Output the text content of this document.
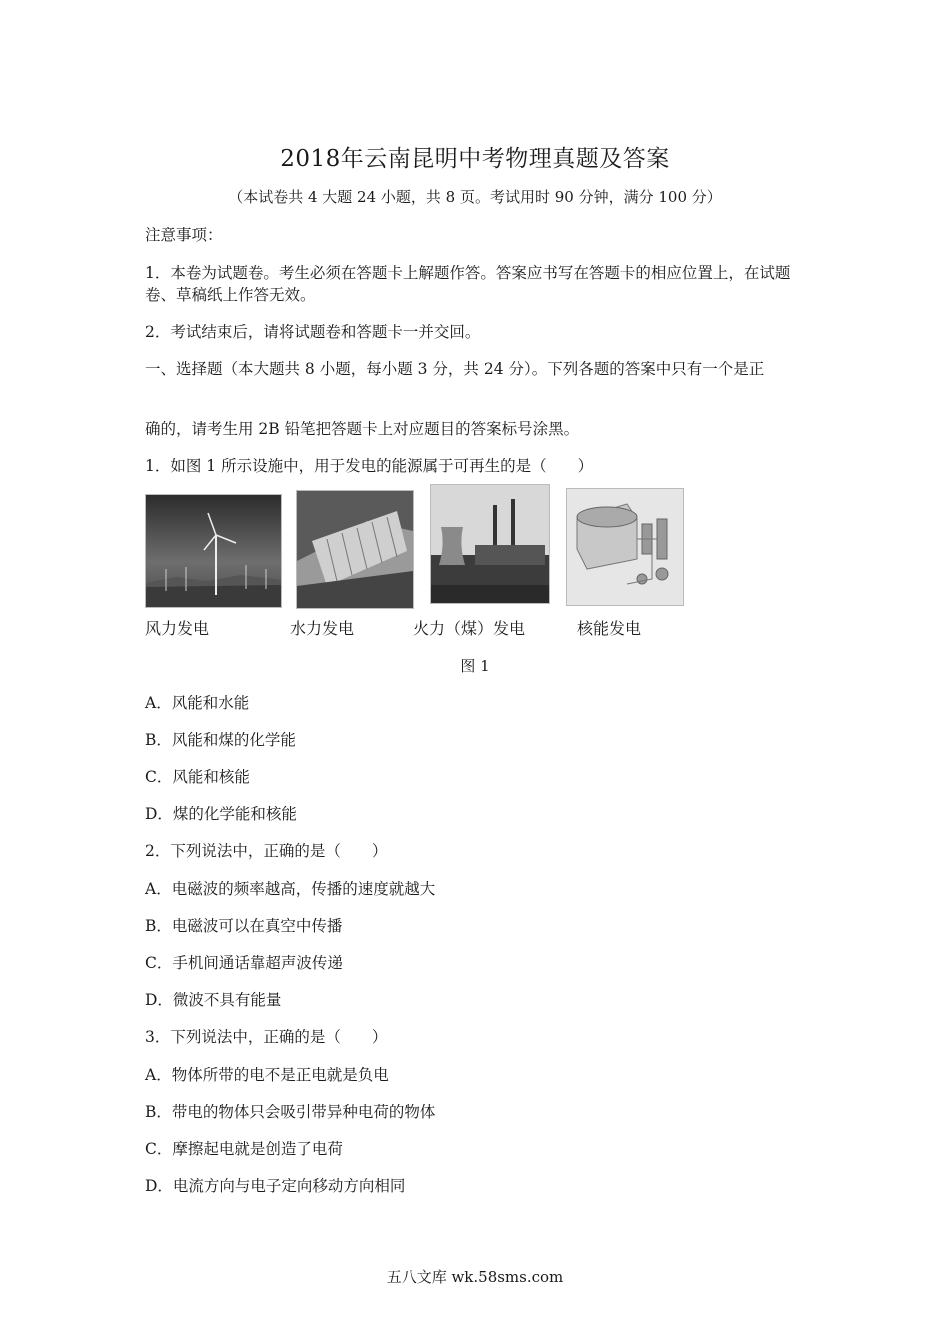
2018年云南昆明中考物理真题及答案
（本试卷共 4 大题 24 小题，共 8 页。考试用时 90 分钟，满分 100 分）
注意事项：
1．本卷为试题卷。考生必须在答题卡上解题作答。答案应书写在答题卡的相应位置上，在试题卷、草稿纸上作答无效。
2．考试结束后，请将试题卷和答题卡一并交回。
一、选择题（本大题共 8 小题，每小题 3 分，共 24 分）。下列各题的答案中只有一个是正
确的，请考生用 2B 铅笔把答题卡上对应题目的答案标号涂黑。
1．如图 1 所示设施中，用于发电的能源属于可再生的是（　　）
风力发电	水力发电	火力（煤）发电	核能发电
图 1
A．风能和水能
B．风能和煤的化学能
C．风能和核能
D．煤的化学能和核能
2．下列说法中，正确的是（　　）
A．电磁波的频率越高，传播的速度就越大
B．电磁波可以在真空中传播
C．手机间通话靠超声波传递
D．微波不具有能量
3．下列说法中，正确的是（　　）
A．物体所带的电不是正电就是负电
B．带电的物体只会吸引带异种电荷的物体
C．摩擦起电就是创造了电荷
D．电流方向与电子定向移动方向相同
五八文库 wk.58sms.com
